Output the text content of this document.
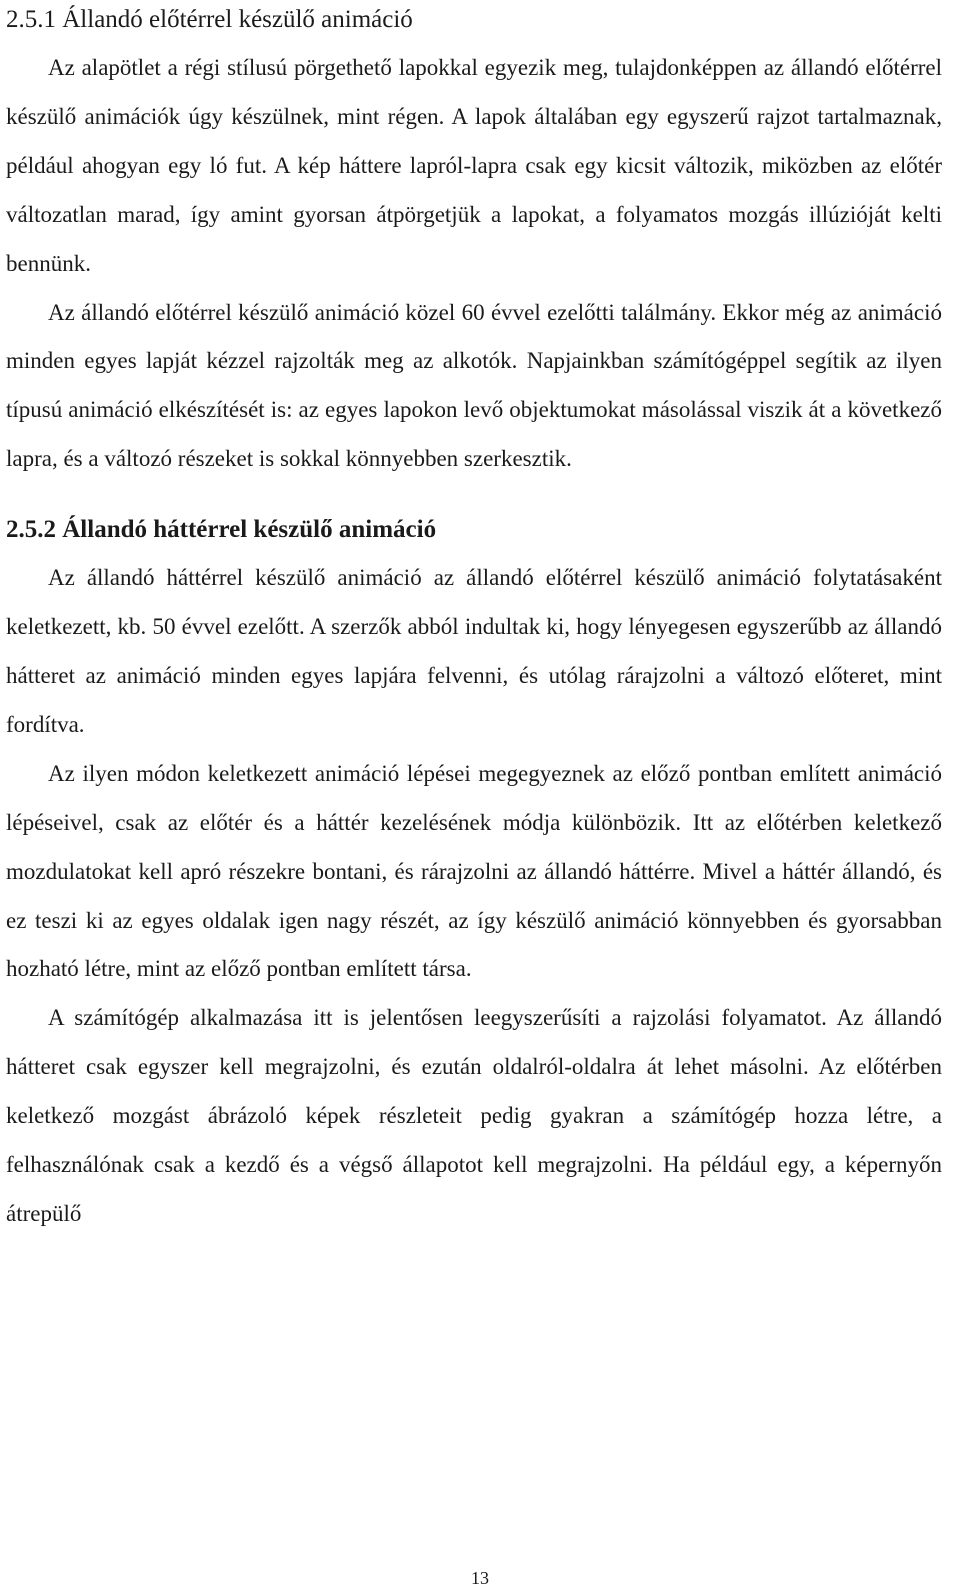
2.5.1 Állandó előtérrel készülő animáció

Az alapötlet a régi stílusú pörgethető lapokkal egyezik meg, tulajdonképpen az állandó előtérrel készülő animációk úgy készülnek, mint régen. A lapok általában egy egyszerű rajzot tartalmaznak, például ahogyan egy ló fut. A kép háttere lapról-lapra csak egy kicsit változik, miközben az előtér változatlan marad, így amint gyorsan átpörgetjük a lapokat, a folyamatos mozgás illúzióját kelti bennünk.

Az állandó előtérrel készülő animáció közel 60 évvel ezelőtti találmány. Ekkor még az animáció minden egyes lapját kézzel rajzolták meg az alkotók. Napjainkban számítógéppel segítik az ilyen típusú animáció elkészítését is: az egyes lapokon levő objektumokat másolással viszik át a következő lapra, és a változó részeket is sokkal könnyebben szerkesztik.

2.5.2 Állandó háttérrel készülő animáció

Az állandó háttérrel készülő animáció az állandó előtérrel készülő animáció folytatásaként keletkezett, kb. 50 évvel ezelőtt. A szerzők abból indultak ki, hogy lényegesen egyszerűbb az állandó hátteret az animáció minden egyes lapjára felvenni, és utólag rárajzolni a változó előteret, mint fordítva.

Az ilyen módon keletkezett animáció lépései megegyeznek az előző pontban említett animáció lépéseivel, csak az előtér és a háttér kezelésének módja különbözik. Itt az előtérben keletkező mozdulatokat kell apró részekre bontani, és rárajzolni az állandó háttérre. Mivel a háttér állandó, és ez teszi ki az egyes oldalak igen nagy részét, az így készülő animáció könnyebben és gyorsabban hozható létre, mint az előző pontban említett társa.

A számítógép alkalmazása itt is jelentősen leegyszerűsíti a rajzolási folyamatot. Az állandó hátteret csak egyszer kell megrajzolni, és ezután oldalról-oldalra át lehet másolni. Az előtérben keletkező mozgást ábrázoló képek részleteit pedig gyakran a számítógép hozza létre, a felhasználónak csak a kezdő és a végső állapotot kell megrajzolni. Ha például egy, a képernyőn átrepülő

13
